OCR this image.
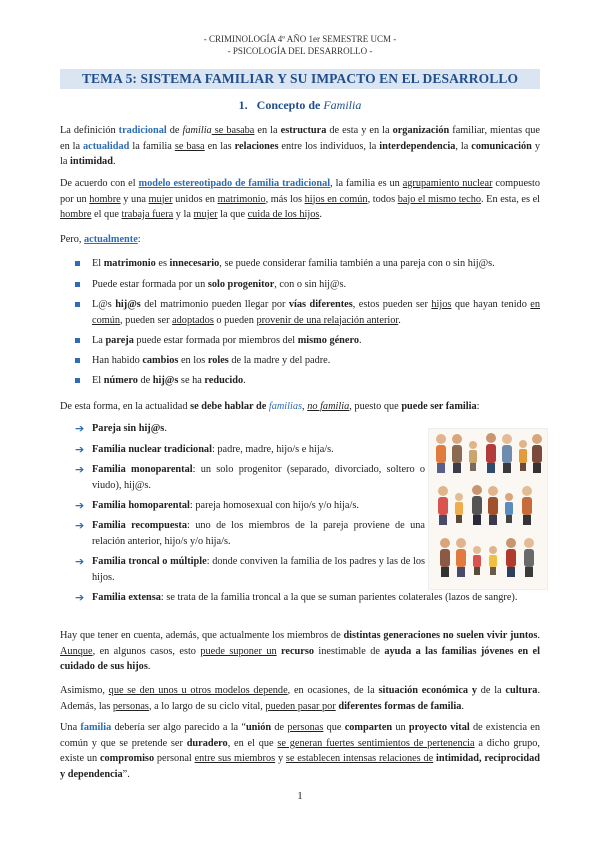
- CRIMINOLOGÍA 4º AÑO 1er SEMESTRE UCM -
- PSICOLOGÍA DEL DESARROLLO -
TEMA 5: SISTEMA FAMILIAR Y SU IMPACTO EN EL DESARROLLO
1. Concepto de Familia
La definición tradicional de familia se basaba en la estructura de esta y en la organización familiar, mientas que en la actualidad la familia se basa en las relaciones entre los individuos, la interdependencia, la comunicación y la intimidad.
De acuerdo con el modelo estereotipado de familia tradicional, la familia es un agrupamiento nuclear compuesto por un hombre y una mujer unidos en matrimonio, más los hijos en común, todos bajo el mismo techo. En esta, es el hombre el que trabaja fuera y la mujer la que cuida de los hijos.
Pero, actualmente:
El matrimonio es innecesario, se puede considerar familia también a una pareja con o sin hij@s.
Puede estar formada por un solo progenitor, con o sin hij@s.
L@s hij@s del matrimonio pueden llegar por vías diferentes, estos pueden ser hijos que hayan tenido en común, pueden ser adoptados o pueden provenir de una relajación anterior.
La pareja puede estar formada por miembros del mismo género.
Han habido cambios en los roles de la madre y del padre.
El número de hij@s se ha reducido.
De esta forma, en la actualidad se debe hablar de familias, no familia, puesto que puede ser familia:
➔ Pareja sin hij@s.
➔ Familia nuclear tradicional: padre, madre, hijo/s e hija/s.
➔ Familia monoparental: un solo progenitor (separado, divorciado, soltero o viudo), hij@s.
➔ Familia homoparental: pareja homosexual con hijo/s y/o hija/s.
➔ Familia recompuesta: uno de los miembros de la pareja proviene de una relación anterior, hijo/s y/o hija/s.
➔ Familia troncal o múltiple: donde conviven la familia de los padres y las de los hijos.
➔ Familia extensa: se trata de la familia troncal a la que se suman parientes colaterales (lazos de sangre).
Hay que tener en cuenta, además, que actualmente los miembros de distintas generaciones no suelen vivir juntos. Aunque, en algunos casos, esto puede suponer un recurso inestimable de ayuda a las familias jóvenes en el cuidado de sus hijos.
Asimismo, que se den unos u otros modelos depende, en ocasiones, de la situación económica y de la cultura. Además, las personas, a lo largo de su ciclo vital, pueden pasar por diferentes formas de familia.
Una familia debería ser algo parecido a la “unión de personas que comparten un proyecto vital de existencia en común y que se pretende ser duradero, en el que se generan fuertes sentimientos de pertenencia a dicho grupo, existe un compromiso personal entre sus miembros y se establecen intensas relaciones de intimidad, reciprocidad y dependencia”.
1
